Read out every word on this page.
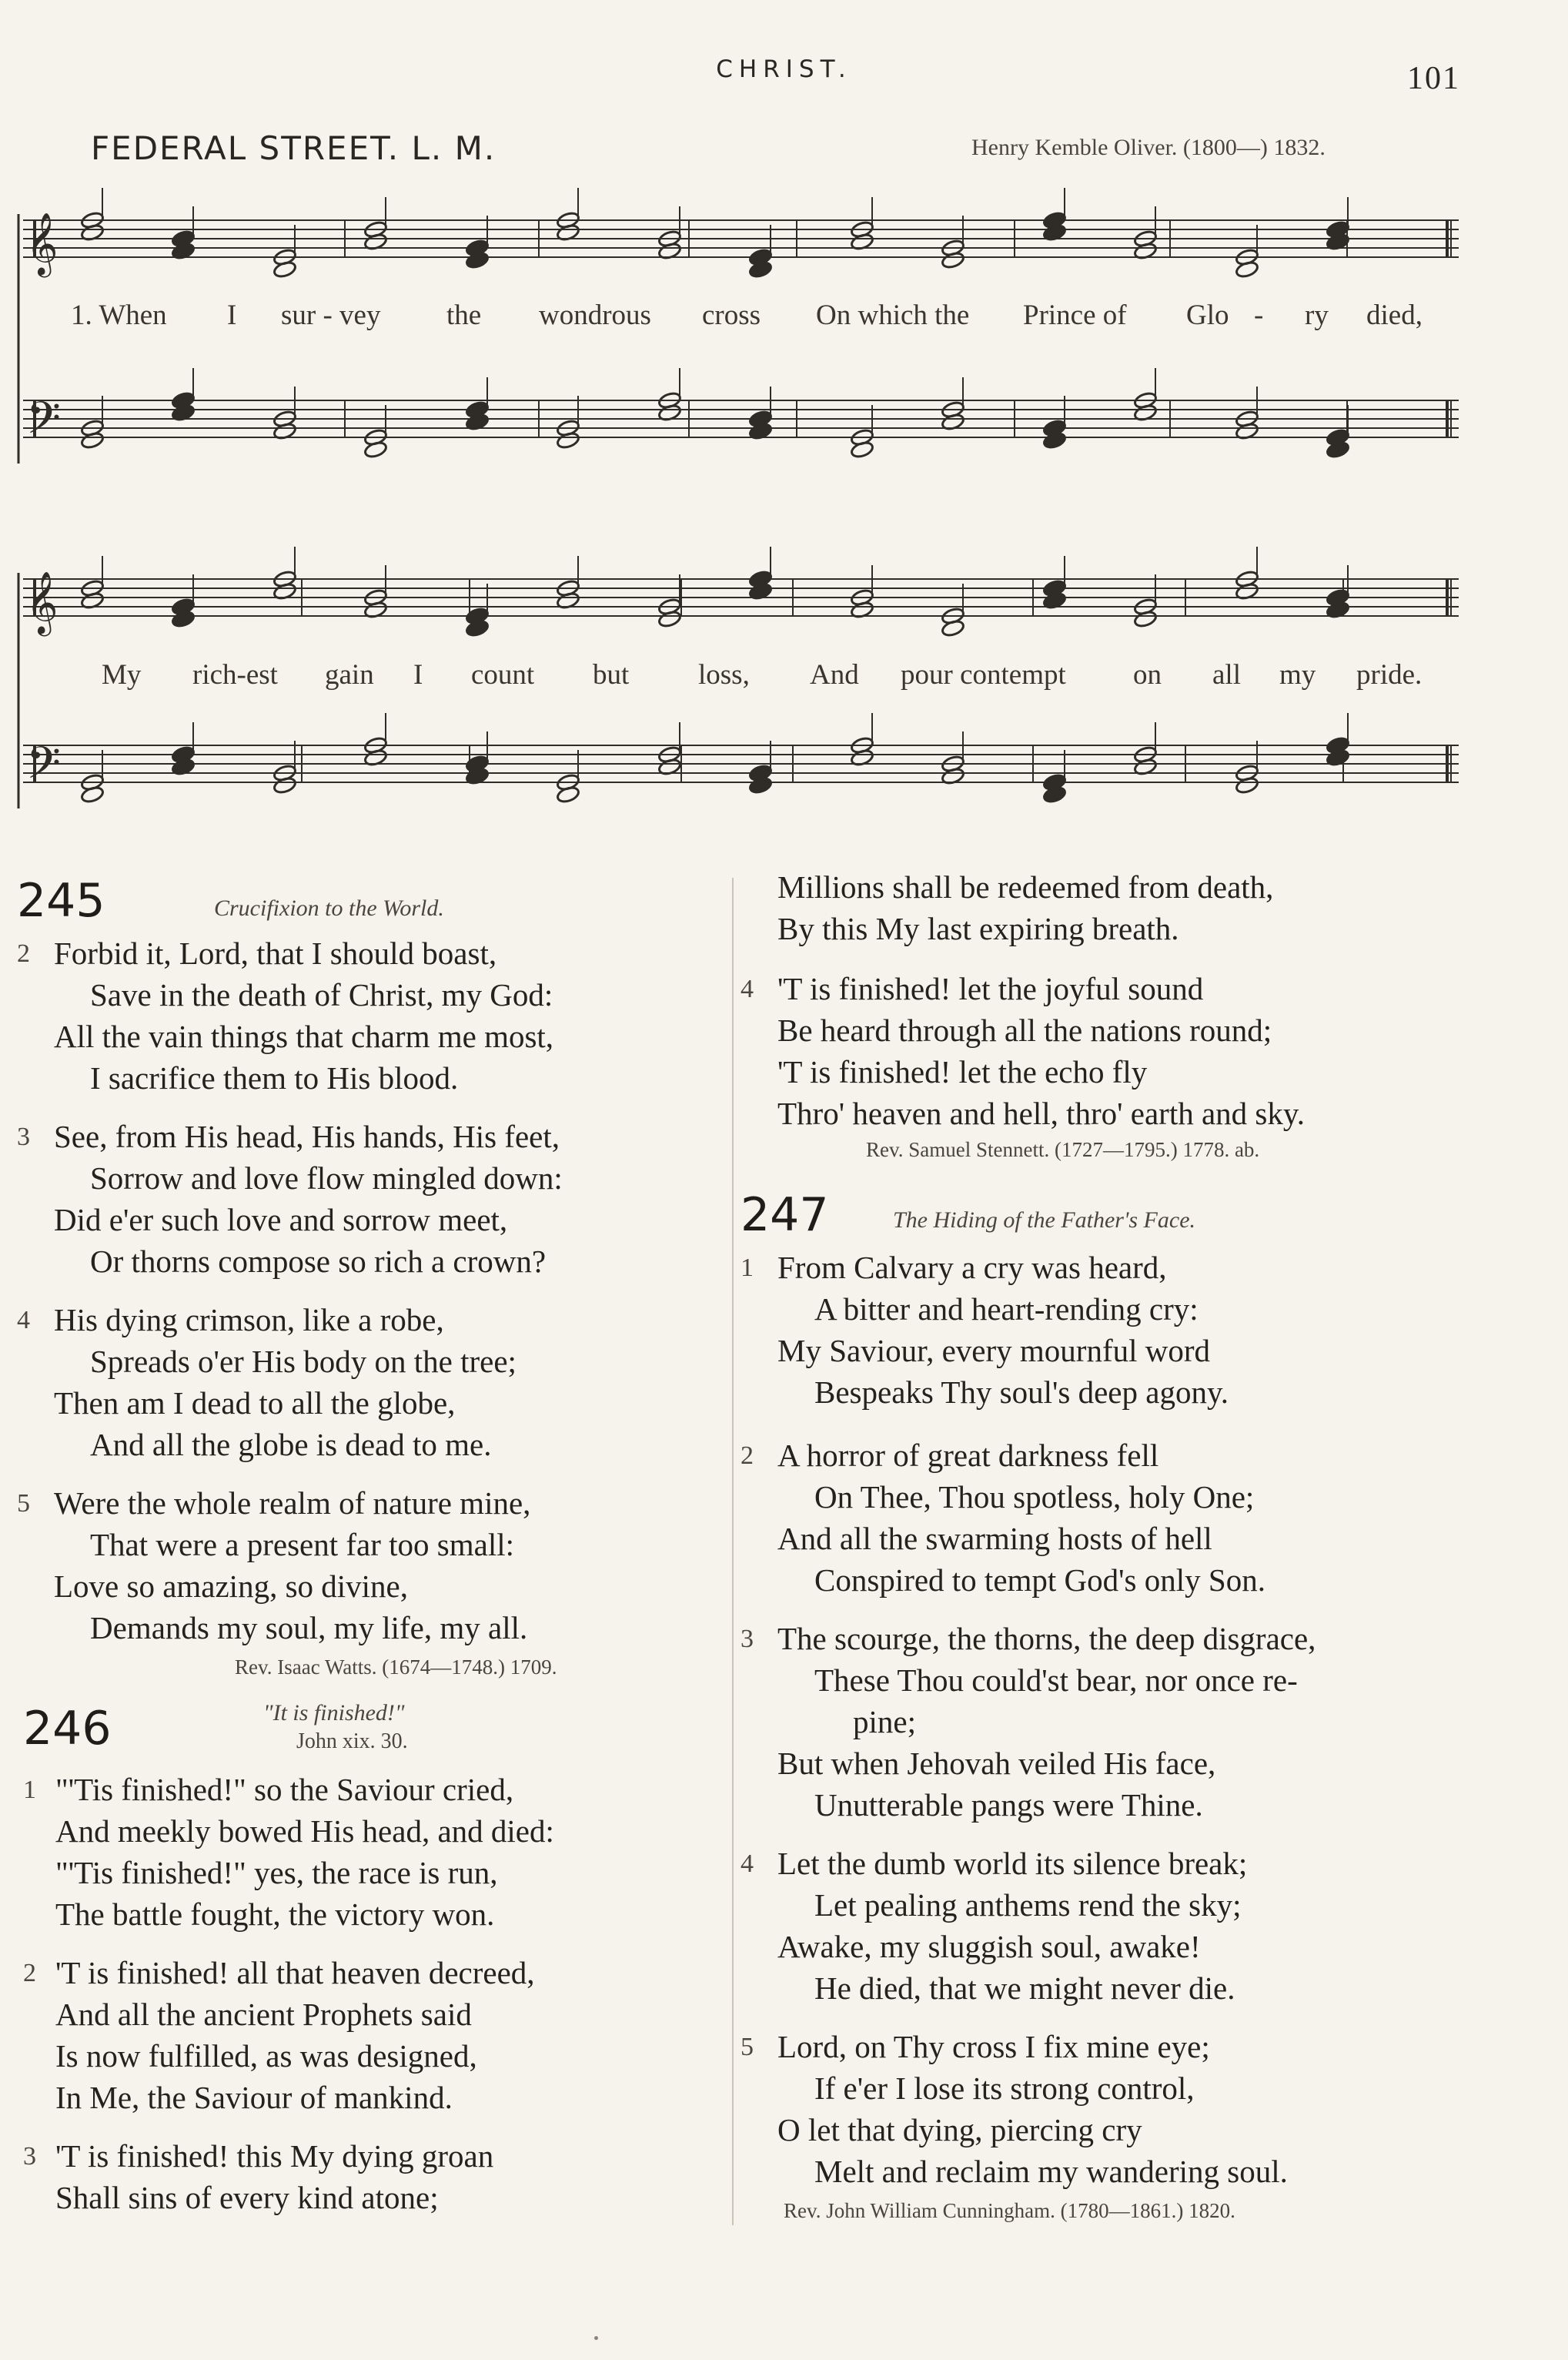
CHRIST.	101
FEDERAL STREET. L. M.	Henry Kemble Oliver. (1800—) 1832.
𝄞
𝄢
𝄞
𝄢
1. When I sur - vey the wondrous cross On which the Prince of Glo - ry died,
My rich-est gain I count but loss, And pour contempt on all my pride.
245	Crucifixion to the World.
2 Forbid it, Lord, that I should boast,
Save in the death of Christ, my God:
All the vain things that charm me most,
I sacrifice them to His blood.
3 See, from His head, His hands, His feet,
Sorrow and love flow mingled down:
Did e'er such love and sorrow meet,
Or thorns compose so rich a crown?
4 His dying crimson, like a robe,
Spreads o'er His body on the tree;
Then am I dead to all the globe,
And all the globe is dead to me.
5 Were the whole realm of nature mine,
That were a present far too small:
Love so amazing, so divine,
Demands my soul, my life, my all.
Rev. Isaac Watts. (1674—1748.) 1709.
246	"It is finished!"
John xix. 30.
1 "'Tis finished!" so the Saviour cried,
And meekly bowed His head, and died:
"'Tis finished!" yes, the race is run,
The battle fought, the victory won.
2 'T is finished! all that heaven decreed,
And all the ancient Prophets said
Is now fulfilled, as was designed,
In Me, the Saviour of mankind.
3 'T is finished! this My dying groan
Shall sins of every kind atone;
Millions shall be redeemed from death,
By this My last expiring breath.
4 'T is finished! let the joyful sound
Be heard through all the nations round;
'T is finished! let the echo fly
Thro' heaven and hell, thro' earth and sky.
Rev. Samuel Stennett. (1727—1795.) 1778. ab.
247	The Hiding of the Father's Face.
1 From Calvary a cry was heard,
A bitter and heart-rending cry:
My Saviour, every mournful word
Bespeaks Thy soul's deep agony.
2 A horror of great darkness fell
On Thee, Thou spotless, holy One;
And all the swarming hosts of hell
Conspired to tempt God's only Son.
3 The scourge, the thorns, the deep disgrace,
These Thou could'st bear, nor once re-
pine;
But when Jehovah veiled His face,
Unutterable pangs were Thine.
4 Let the dumb world its silence break;
Let pealing anthems rend the sky;
Awake, my sluggish soul, awake!
He died, that we might never die.
5 Lord, on Thy cross I fix mine eye;
If e'er I lose its strong control,
O let that dying, piercing cry
Melt and reclaim my wandering soul.
Rev. John William Cunningham. (1780—1861.) 1820.
